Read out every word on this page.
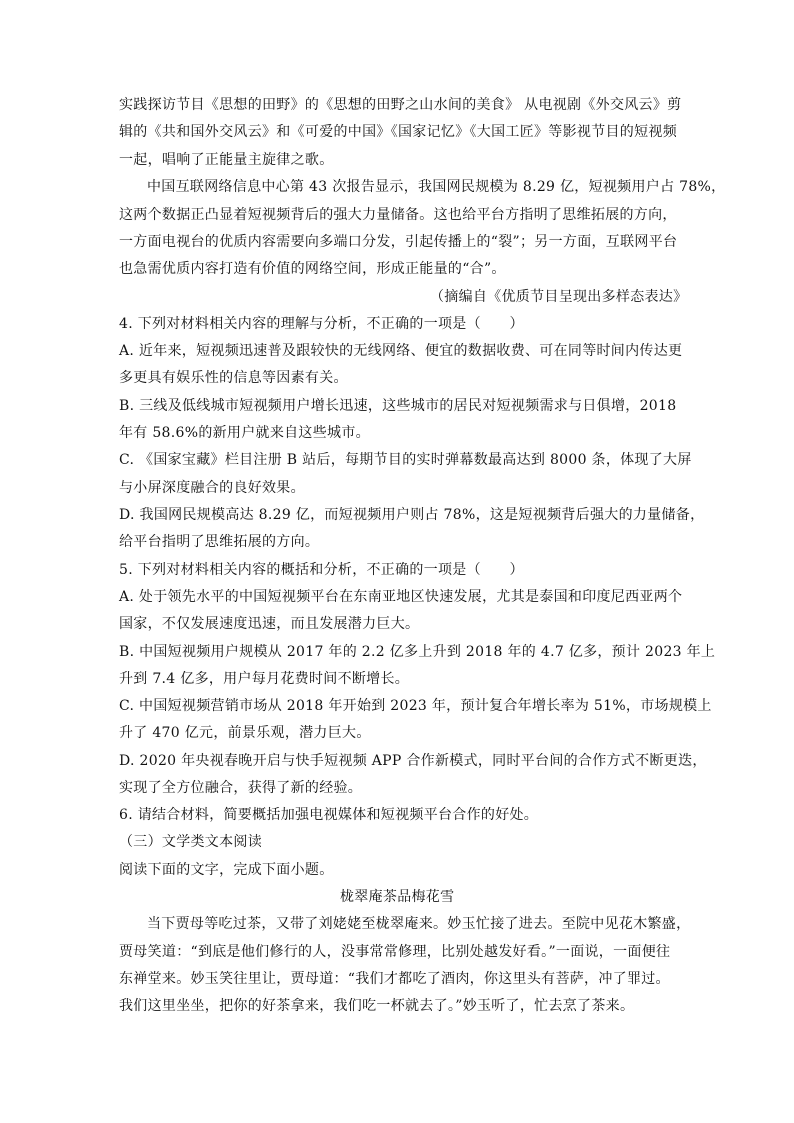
实践探访节目《思想的田野》的《思想的田野之山水间的美食》 从电视剧《外交风云》剪
辑的《共和国外交风云》和《可爱的中国》《国家记忆》《大国工匠》等影视节目的短视频
一起，唱响了正能量主旋律之歌。
中国互联网络信息中心第 43 次报告显示，我国网民规模为 8.29 亿，短视频用户占 78%，
这两个数据正凸显着短视频背后的强大力量储备。这也给平台方指明了思维拓展的方向，
一方面电视台的优质内容需要向多端口分发，引起传播上的“裂”；另一方面，互联网平台
也急需优质内容打造有价值的网络空间，形成正能量的“合”。
（摘编自《优质节目呈现出多样态表达》
4. 下列对材料相关内容的理解与分析，不正确的一项是（　　）
A. 近年来，短视频迅速普及跟较快的无线网络、便宜的数据收费、可在同等时间内传达更
多更具有娱乐性的信息等因素有关。
B. 三线及低线城市短视频用户增长迅速，这些城市的居民对短视频需求与日俱增，2018
年有 58.6%的新用户就来自这些城市。
C. 《国家宝藏》栏目注册 B 站后，每期节目的实时弹幕数最高达到 8000 条，体现了大屏
与小屏深度融合的良好效果。
D. 我国网民规模高达 8.29 亿，而短视频用户则占 78%，这是短视频背后强大的力量储备，
给平台指明了思维拓展的方向。
5. 下列对材料相关内容的概括和分析，不正确的一项是（　　）
A. 处于领先水平的中国短视频平台在东南亚地区快速发展，尤其是泰国和印度尼西亚两个
国家，不仅发展速度迅速，而且发展潜力巨大。
B. 中国短视频用户规模从 2017 年的 2.2 亿多上升到 2018 年的 4.7 亿多，预计 2023 年上
升到 7.4 亿多，用户每月花费时间不断增长。
C. 中国短视频营销市场从 2018 年开始到 2023 年，预计复合年增长率为 51%，市场规模上
升了 470 亿元，前景乐观，潜力巨大。
D. 2020 年央视春晚开启与快手短视频 APP 合作新模式，同时平台间的合作方式不断更迭，
实现了全方位融合，获得了新的经验。
6. 请结合材料，简要概括加强电视媒体和短视频平台合作的好处。
（三）文学类文本阅读
阅读下面的文字，完成下面小题。
栊翠庵茶品梅花雪
当下贾母等吃过茶，又带了刘姥姥至栊翠庵来。妙玉忙接了进去。至院中见花木繁盛，
贾母笑道：“到底是他们修行的人，没事常常修理，比别处越发好看。”一面说，一面便往
东禅堂来。妙玉笑往里让，贾母道：“我们才都吃了酒肉，你这里头有菩萨，冲了罪过。
我们这里坐坐，把你的好茶拿来，我们吃一杯就去了。”妙玉听了，忙去烹了茶来。
